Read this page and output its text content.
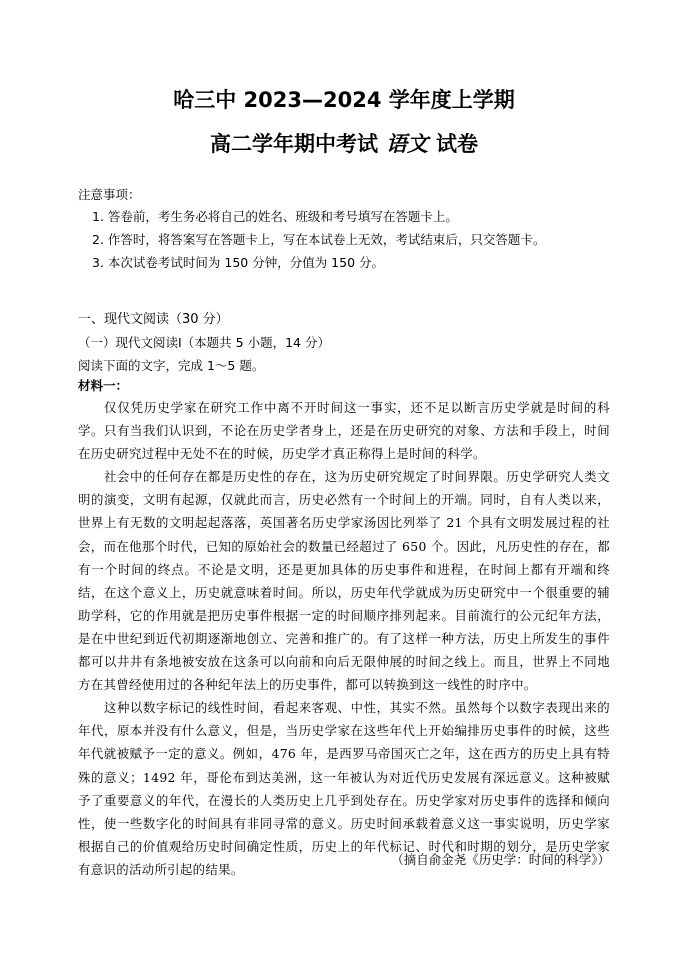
哈三中 2023—2024 学年度上学期
高二学年期中考试 语文 试卷
注意事项：
1. 答卷前，考生务必将自己的姓名、班级和考号填写在答题卡上。
2. 作答时，将答案写在答题卡上，写在本试卷上无效，考试结束后，只交答题卡。
3. 本次试卷考试时间为 150 分钟，分值为 150 分。
一、现代文阅读（30 分）
（一）现代文阅读Ⅰ（本题共 5 小题，14 分）
阅读下面的文字，完成 1～5 题。
材料一：

仅仅凭历史学家在研究工作中离不开时间这一事实，还不足以断言历史学就是时间的科学。只有当我们认识到，不论在历史学者身上，还是在历史研究的对象、方法和手段上，时间在历史研究过程中无处不在的时候，历史学才真正称得上是时间的科学。

社会中的任何存在都是历史性的存在，这为历史研究规定了时间界限。历史学研究人类文明的演变，文明有起源，仅就此而言，历史必然有一个时间上的开端。同时，自有人类以来，世界上有无数的文明起起落落，英国著名历史学家汤因比列举了 21 个具有文明发展过程的社会，而在他那个时代，已知的原始社会的数量已经超过了 650 个。因此，凡历史性的存在，都有一个时间的终点。不论是文明，还是更加具体的历史事件和进程，在时间上都有开端和终结，在这个意义上，历史就意味着时间。所以，历史年代学就成为历史研究中一个很重要的辅助学科，它的作用就是把历史事件根据一定的时间顺序排列起来。目前流行的公元纪年方法，是在中世纪到近代初期逐渐地创立、完善和推广的。有了这样一种方法，历史上所发生的事件都可以井井有条地被安放在这条可以向前和向后无限伸展的时间之线上。而且，世界上不同地方在其曾经使用过的各种纪年法上的历史事件，都可以转换到这一线性的时序中。

这种以数字标记的线性时间，看起来客观、中性，其实不然。虽然每个以数字表现出来的年代，原本并没有什么意义，但是，当历史学家在这些年代上开始编排历史事件的时候，这些年代就被赋予一定的意义。例如，476 年，是西罗马帝国灭亡之年，这在西方的历史上具有特殊的意义；1492 年，哥伦布到达美洲，这一年被认为对近代历史发展有深远意义。这种被赋予了重要意义的年代，在漫长的人类历史上几乎到处存在。历史学家对历史事件的选择和倾向性，使一些数字化的时间具有非同寻常的意义。历史时间承载着意义这一事实说明，历史学家根据自己的价值观给历史时间确定性质，历史上的年代标记、时代和时期的划分，是历史学家有意识的活动所引起的结果。

（摘自俞金尧《历史学：时间的科学》）
